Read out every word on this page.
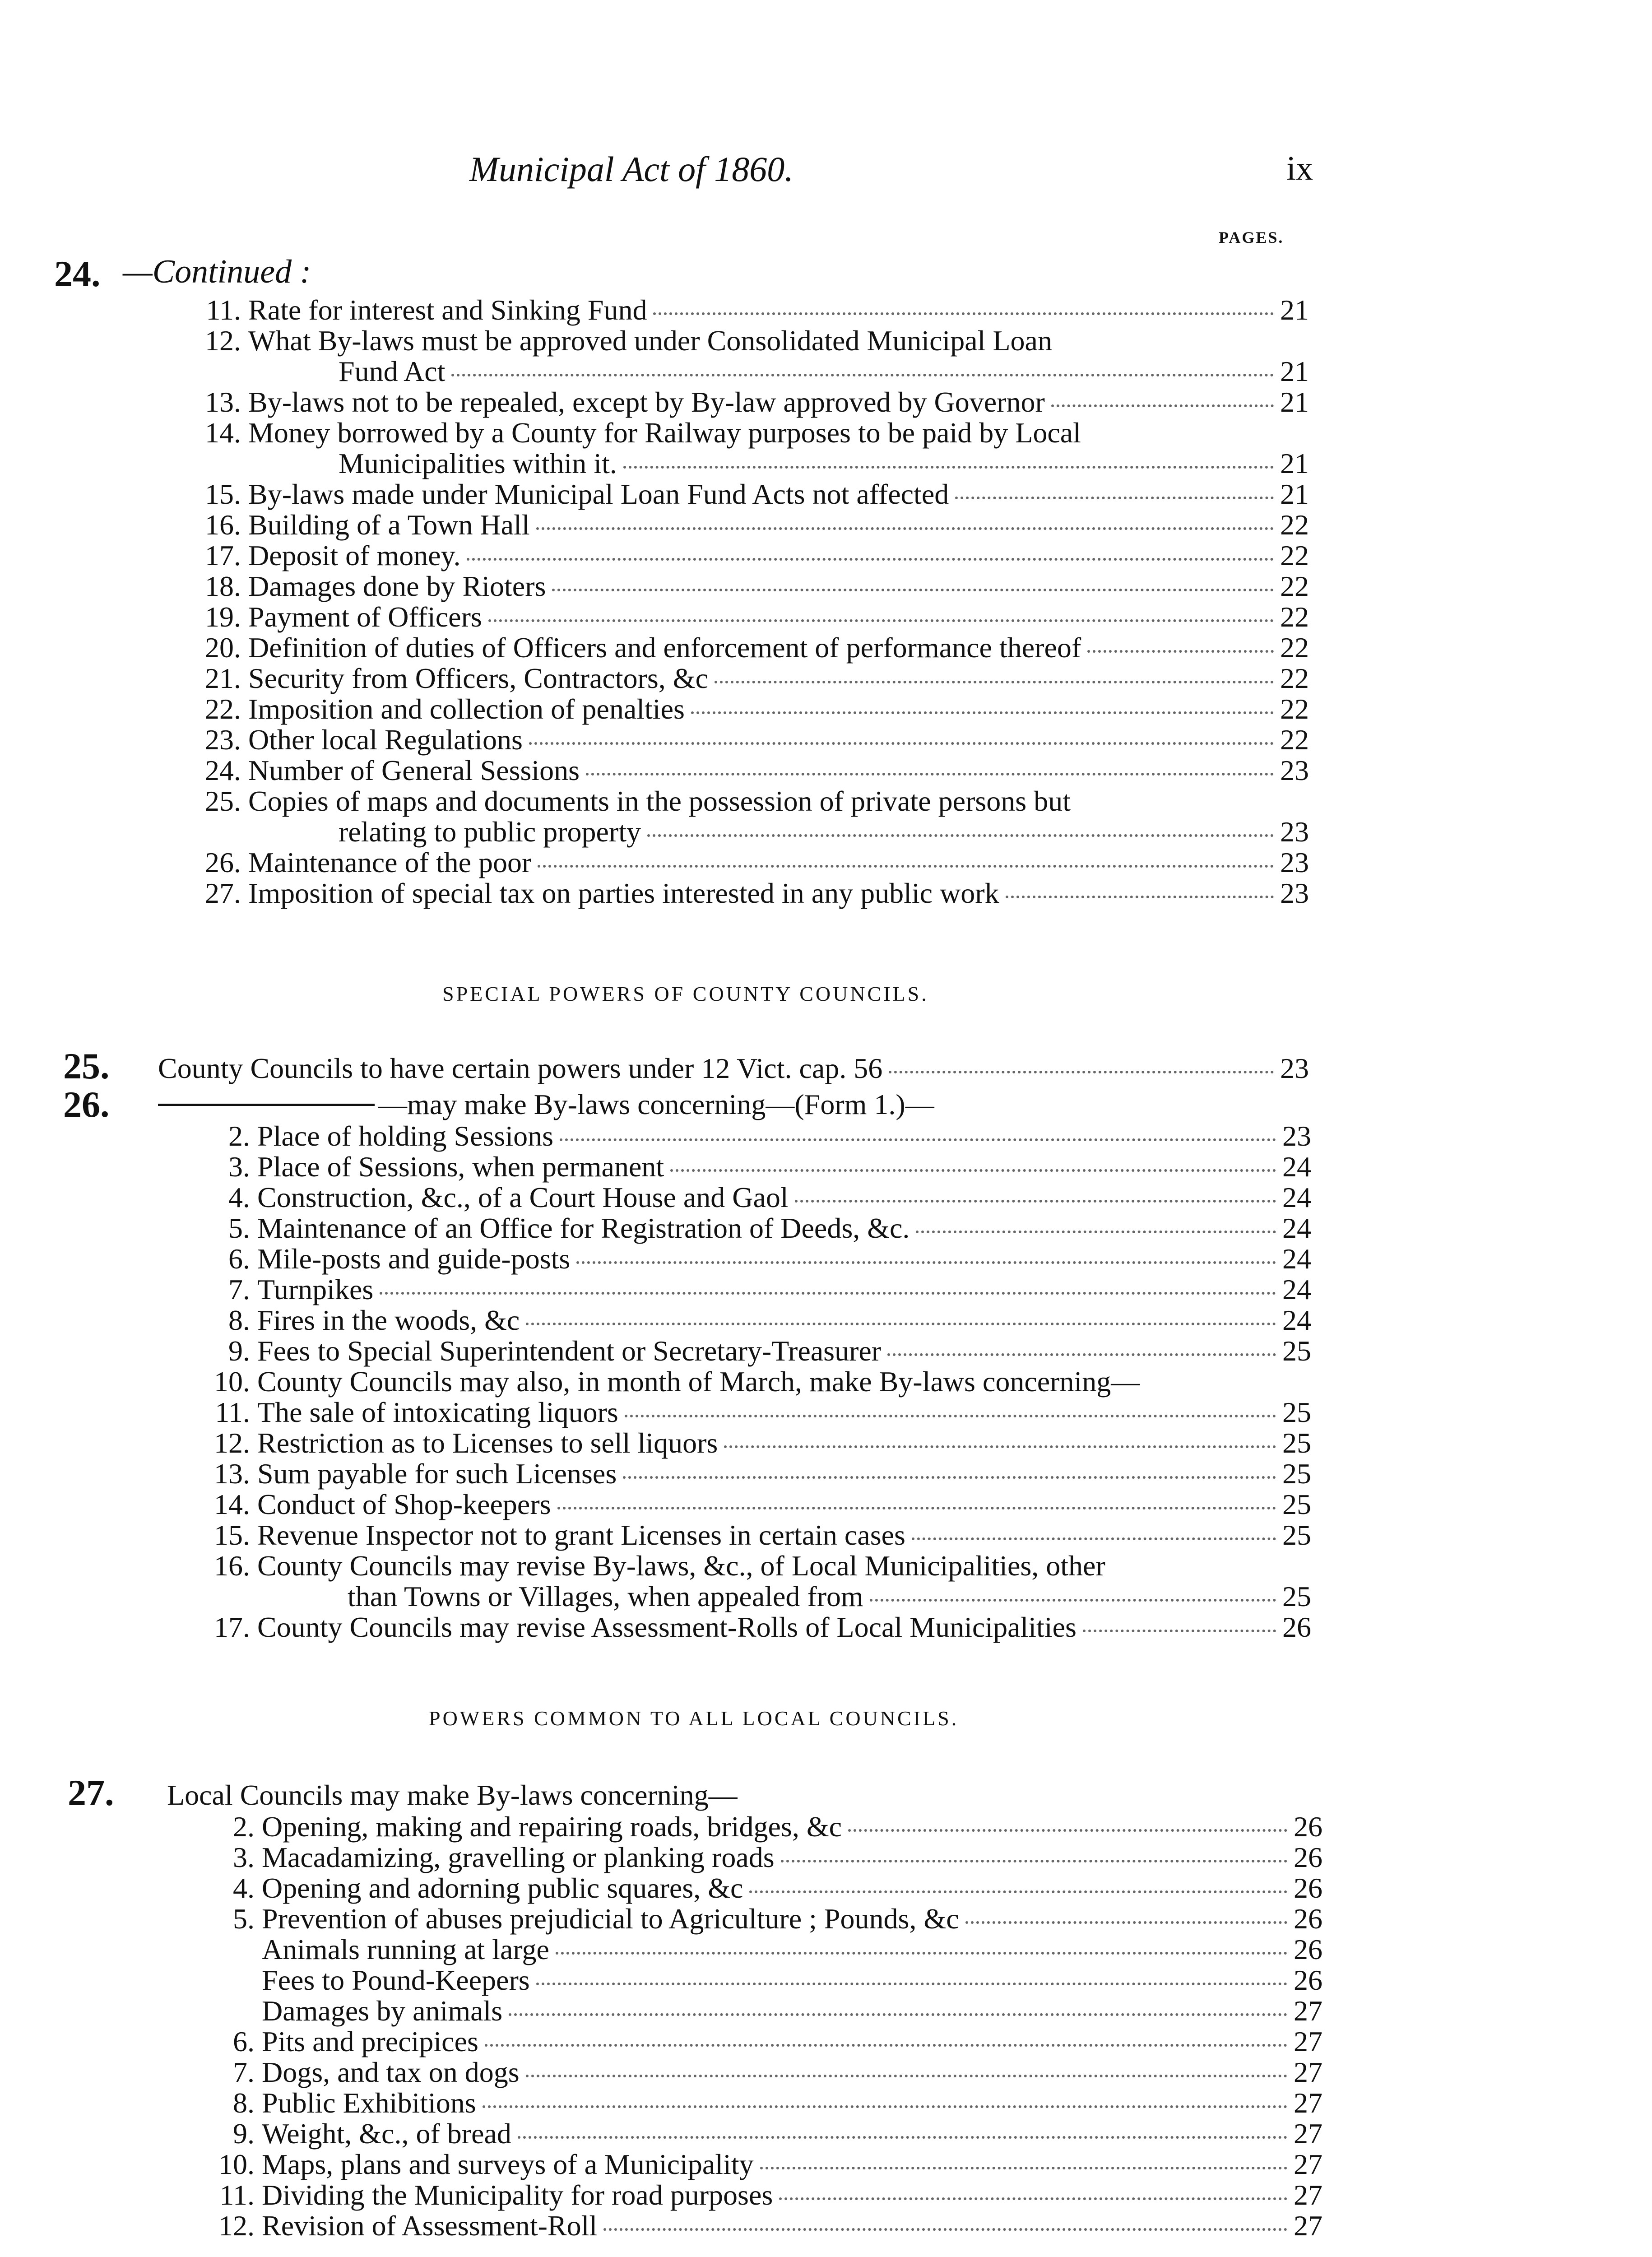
Municipal Act of 1860.	ix
PAGES.
24. —Continued :
11. Rate for interest and Sinking Fund	21
12. What By-laws must be approved under Consolidated Municipal Loan
Fund Act	21
13. By-laws not to be repealed, except by By-law approved by Governor	21
14. Money borrowed by a County for Railway purposes to be paid by Local
Municipalities within it.	21
15. By-laws made under Municipal Loan Fund Acts not affected	21
16. Building of a Town Hall	22
17. Deposit of money.	22
18. Damages done by Rioters	22
19. Payment of Officers	22
20. Definition of duties of Officers and enforcement of performance thereof	22
21. Security from Officers, Contractors, &c	22
22. Imposition and collection of penalties	22
23. Other local Regulations	22
24. Number of General Sessions	23
25. Copies of maps and documents in the possession of private persons but
relating to public property	23
26. Maintenance of the poor	23
27. Imposition of special tax on parties interested in any public work	23
SPECIAL POWERS OF COUNTY COUNCILS.
25. County Councils to have certain powers under 12 Vict. cap. 56	23
26.	—may make By-laws concerning—(Form 1.)—
2. Place of holding Sessions	23
3. Place of Sessions, when permanent	24
4. Construction, &c., of a Court House and Gaol	24
5. Maintenance of an Office for Registration of Deeds, &c.	24
6. Mile-posts and guide-posts	24
7. Turnpikes	24
8. Fires in the woods, &c	24
9. Fees to Special Superintendent or Secretary-Treasurer	25
10. County Councils may also, in month of March, make By-laws concerning—
11. The sale of intoxicating liquors	25
12. Restriction as to Licenses to sell liquors	25
13. Sum payable for such Licenses	25
14. Conduct of Shop-keepers	25
15. Revenue Inspector not to grant Licenses in certain cases	25
16. County Councils may revise By-laws, &c., of Local Municipalities, other
than Towns or Villages, when appealed from	25
17. County Councils may revise Assessment-Rolls of Local Municipalities	26
POWERS COMMON TO ALL LOCAL COUNCILS.
27. Local Councils may make By-laws concerning—
2. Opening, making and repairing roads, bridges, &c	26
3. Macadamizing, gravelling or planking roads	26
4. Opening and adorning public squares, &c	26
5. Prevention of abuses prejudicial to Agriculture ; Pounds, &c	26
Animals running at large	26
Fees to Pound-Keepers	26
Damages by animals	27
6. Pits and precipices	27
7. Dogs, and tax on dogs	27
8. Public Exhibitions	27
9. Weight, &c., of bread	27
10. Maps, plans and surveys of a Municipality	27
11. Dividing the Municipality for road purposes	27
12. Revision of Assessment-Roll	27
